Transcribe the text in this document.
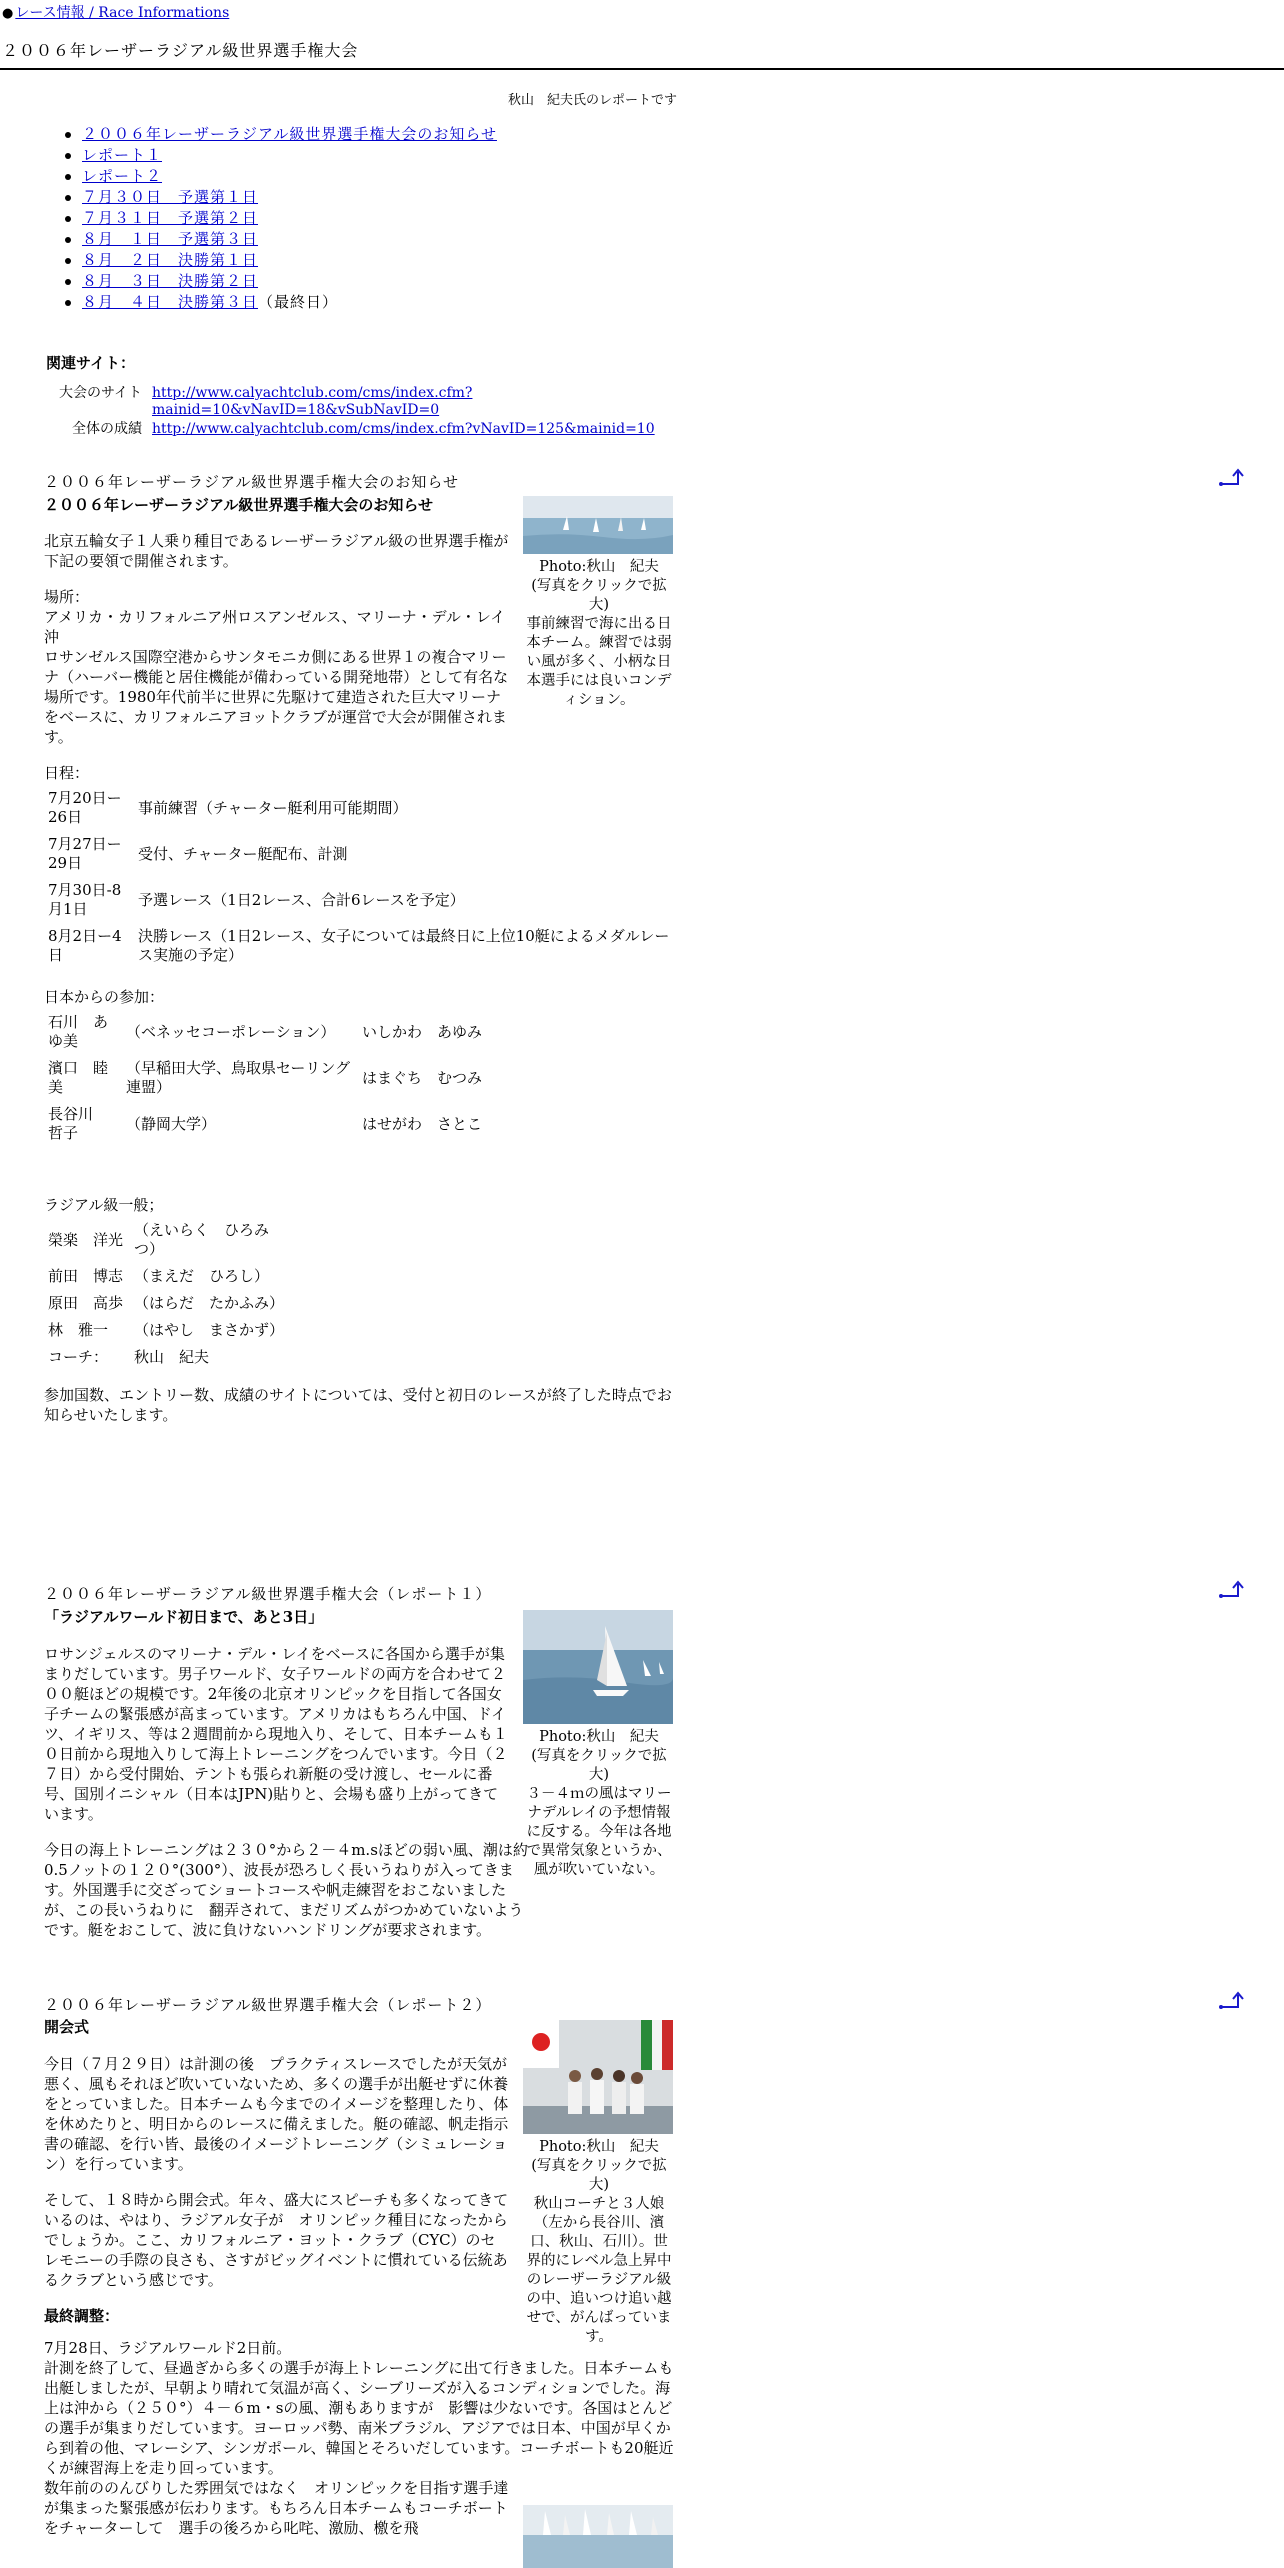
● レース情報 / Race Informations
２００６年レーザーラジアル級世界選手権大会
秋山　紀夫氏のレポートです
２００６年レーザーラジアル級世界選手権大会のお知らせ
レポート１
レポート２
７月３０日　予選第１日
７月３１日　予選第２日
８月　１日　予選第３日
８月　２日　決勝第１日
８月　３日　決勝第２日
８月　４日　決勝第３日（最終日）
関連サイト：
大会のサイト	http://www.calyachtclub.com/cms/index.cfm?mainid=10&vNavID=18&vSubNavID=0
全体の成績	http://www.calyachtclub.com/cms/index.cfm?vNavID=125&mainid=10
２００６年レーザーラジアル級世界選手権大会のお知らせ
２００６年レーザーラジアル級世界選手権大会のお知らせ

北京五輪女子１人乗り種目であるレーザーラジアル級の世界選手権が下記の要領で開催されます。

場所：
アメリカ・カリフォルニア州ロスアンゼルス、マリーナ・デル・レイ沖

ロサンゼルス国際空港からサンタモニカ側にある世界１の複合マリーナ（ハーバー機能と居住機能が備わっている開発地帯）として有名な場所です。1980年代前半に世界に先駆けて建造された巨大マリーナをベースに、カリフォルニアヨットクラブが運営で大会が開催されます。

日程：
7月20日ー26日	事前練習（チャーター艇利用可能期間）
7月27日ー29日	受付、チャーター艇配布、計測
7月30日-8月1日	予選レース（1日2レース、合計6レースを予定）
8月2日ー4日	決勝レース（1日2レース、女子については最終日に上位10艇によるメダルレース実施の予定）
日本からの参加：
石川　あゆ美	（ベネッセコーポレーション）	いしかわ　あゆみ
濱口　睦美	（早稲田大学、鳥取県セーリング連盟）	はまぐち　むつみ
長谷川　哲子	（静岡大学）	はせがわ　さとこ
ラジアル級一般；
榮楽　洋光	（えいらく　ひろみつ）
前田　博志	（まえだ　ひろし）
原田　高歩	（はらだ　たかふみ）
林　雅一	（はやし　まさかず）
コーチ：	秋山　紀夫

参加国数、エントリー数、成績のサイトについては、受付と初日のレースが終了した時点でお知らせいたします。

Photo:秋山　紀夫
(写真をクリックで拡大)
事前練習で海に出る日本チーム。練習では弱い風が多く、小柄な日本選手には良いコンディション。
２００６年レーザーラジアル級世界選手権大会（レポート１）
「ラジアルワールド初日まで、あと3日」

ロサンジェルスのマリーナ・デル・レイをベースに各国から選手が集まりだしています。男子ワールド、女子ワールドの両方を合わせて２００艇ほどの規模です。2年後の北京オリンピックを目指して各国女子チームの緊張感が高まっています。アメリカはもちろん中国、ドイツ、イギリス、等は２週間前から現地入り、そして、日本チームも１０日前から現地入りして海上トレーニングをつんでいます。今日（２７日）から受付開始、テントも張られ新艇の受け渡し、セールに番号、国別イニシャル（日本はJPN)貼りと、会場も盛り上がってきています。

今日の海上トレーニングは２３０°から２－４m.sほどの弱い風、潮は約0.5ノットの１２０°(300°）、波長が恐ろしく長いうねりが入ってきます。外国選手に交ざってショートコースや帆走練習をおこないましたが、この長いうねりに　翻弄されて、まだリズムがつかめていないようです。艇をおこして、波に負けないハンドリングが要求されます。

Photo:秋山　紀夫
(写真をクリックで拡大)
３－４ｍの風はマリーナデルレイの予想情報に反する。今年は各地で異常気象というか、風が吹いていない。
２００６年レーザーラジアル級世界選手権大会（レポート２）
開会式

今日（７月２９日）は計測の後　プラクティスレースでしたが天気が悪く、風もそれほど吹いていないため、多くの選手が出艇せずに休養をとっていました。日本チームも今までのイメージを整理したり、体を休めたりと、明日からのレースに備えました。艇の確認、帆走指示書の確認、を行い皆、最後のイメージトレーニング（シミュレーション）を行っています。

そして、１８時から開会式。年々、盛大にスピーチも多くなってきているのは、やはり、ラジアル女子が　オリンピック種目になったからでしょうか。ここ、カリフォルニア・ヨット・クラブ（CYC）のセレモニーの手際の良さも、さすがビッグイベントに慣れている伝統あるクラブという感じです。

最終調整：
7月28日、ラジアルワールド2日前。
計測を終了して、昼過ぎから多くの選手が海上トレーニングに出て行きました。日本チームも出艇しましたが、早朝より晴れて気温が高く、シーブリーズが入るコンディションでした。海上は沖から（２５０°）４－６m・sの風、潮もありますが　影響は少ないです。各国はとんどの選手が集まりだしています。ヨーロッパ勢、南米ブラジル、アジアでは日本、中国が早くから到着の他、マレーシア、シンガポール、韓国とそろいだしています。コーチボートも20艇近くが練習海上を走り回っています。
数年前ののんびりした雰囲気ではなく　オリンピックを目指す選手達が集まった緊張感が伝わります。もちろん日本チームもコーチボートをチャーターして　選手の後ろから叱咤、激励、檄を飛
Photo:秋山　紀夫
(写真をクリックで拡大)
秋山コーチと３人娘（左から長谷川、濱口、秋山、石川）。世界的にレベル急上昇中のレーザーラジアル級の中、追いつけ追い越せで、がんばっています。
